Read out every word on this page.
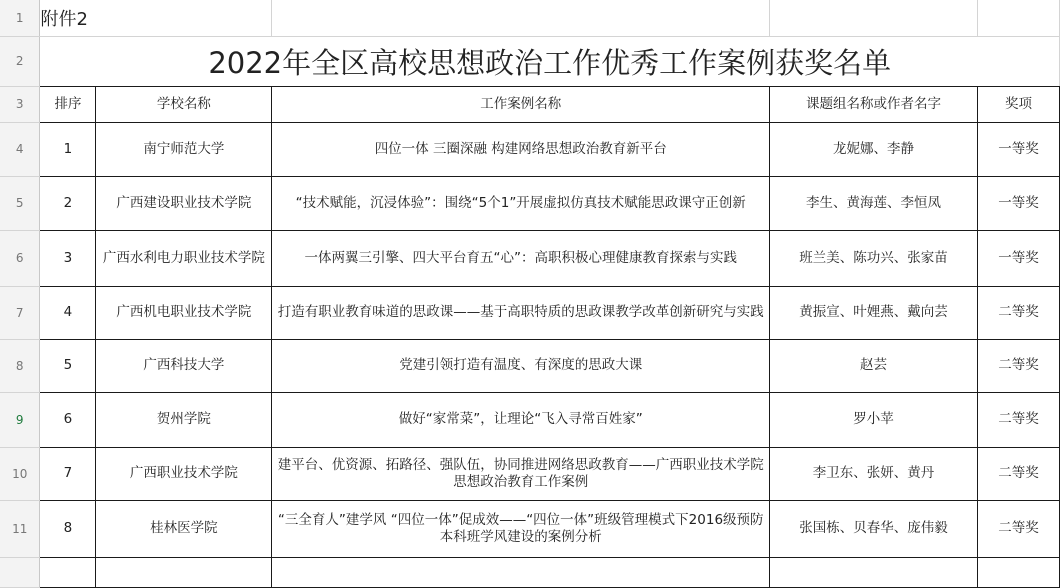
1	附件2				
2	2022年全区高校思想政治工作优秀工作案例获奖名单				
3	排序	学校名称	工作案例名称	课题组名称或作者名字	奖项
4	1	南宁师范大学	四位一体 三圈深融 构建网络思想政治教育新平台	龙妮娜、李静	一等奖
5	2	广西建设职业技术学院	“技术赋能，沉浸体验”：围绕“5个1”开展虚拟仿真技术赋能思政课守正创新	李生、黄海莲、李恒凤	一等奖
6	3	广西水利电力职业技术学院	一体两翼三引擎、四大平台育五“心”：高职积极心理健康教育探索与实践	班兰美、陈功兴、张家苗	一等奖
7	4	广西机电职业技术学院	打造有职业教育味道的思政课——基于高职特质的思政课教学改革创新研究与实践	黄振宣、叶娌燕、戴向芸	二等奖
8	5	广西科技大学	党建引领打造有温度、有深度的思政大课	赵芸	二等奖
9	6	贺州学院	做好“家常菜”，让理论“飞入寻常百姓家”	罗小苹	二等奖
10	7	广西职业技术学院	建平台、优资源、拓路径、强队伍，协同推进网络思政教育——广西职业技术学院思想政治教育工作案例	李卫东、张妍、黄丹	二等奖
11	8	桂林医学院	“三全育人”建学风 “四位一体”促成效——“四位一体”班级管理模式下2016级预防本科班学风建设的案例分析	张国栋、贝春华、庞伟毅	二等奖
